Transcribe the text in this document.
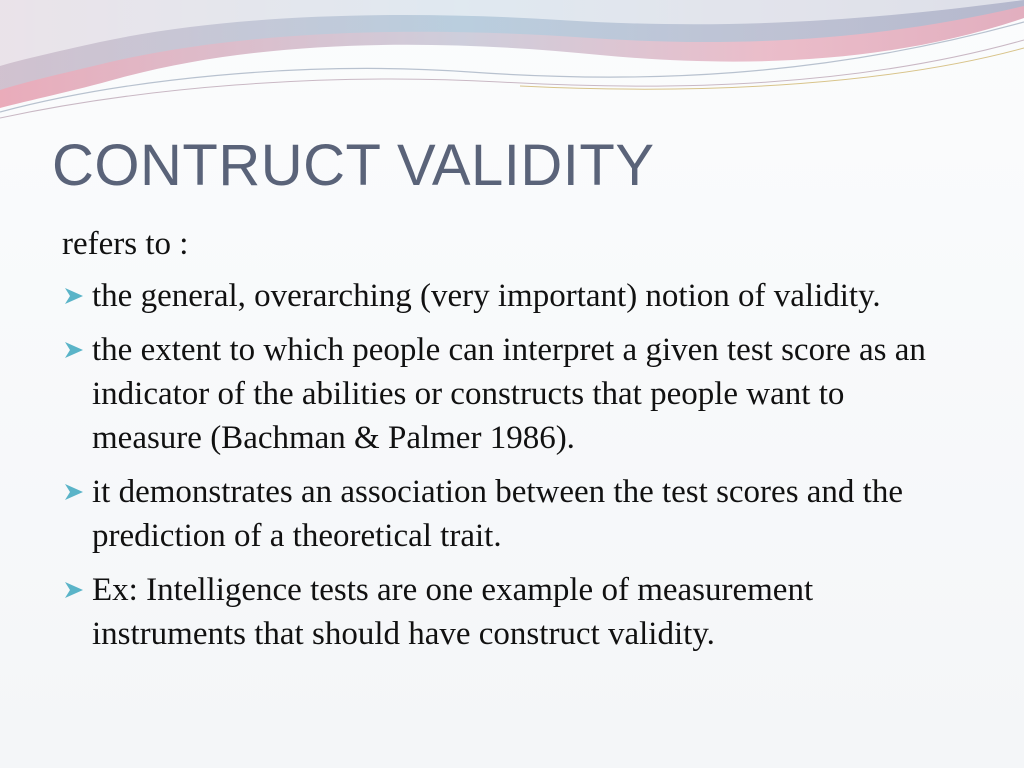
CONTRUCT VALIDITY

refers to :

the general, overarching (very important) notion of validity.
the extent to which people can interpret a given test score as an indicator of the abilities or constructs that people want to measure (Bachman & Palmer 1986).
it demonstrates an association between the test scores and the prediction of a theoretical trait.
Ex: Intelligence tests are one example of measurement instruments that should have construct validity.
